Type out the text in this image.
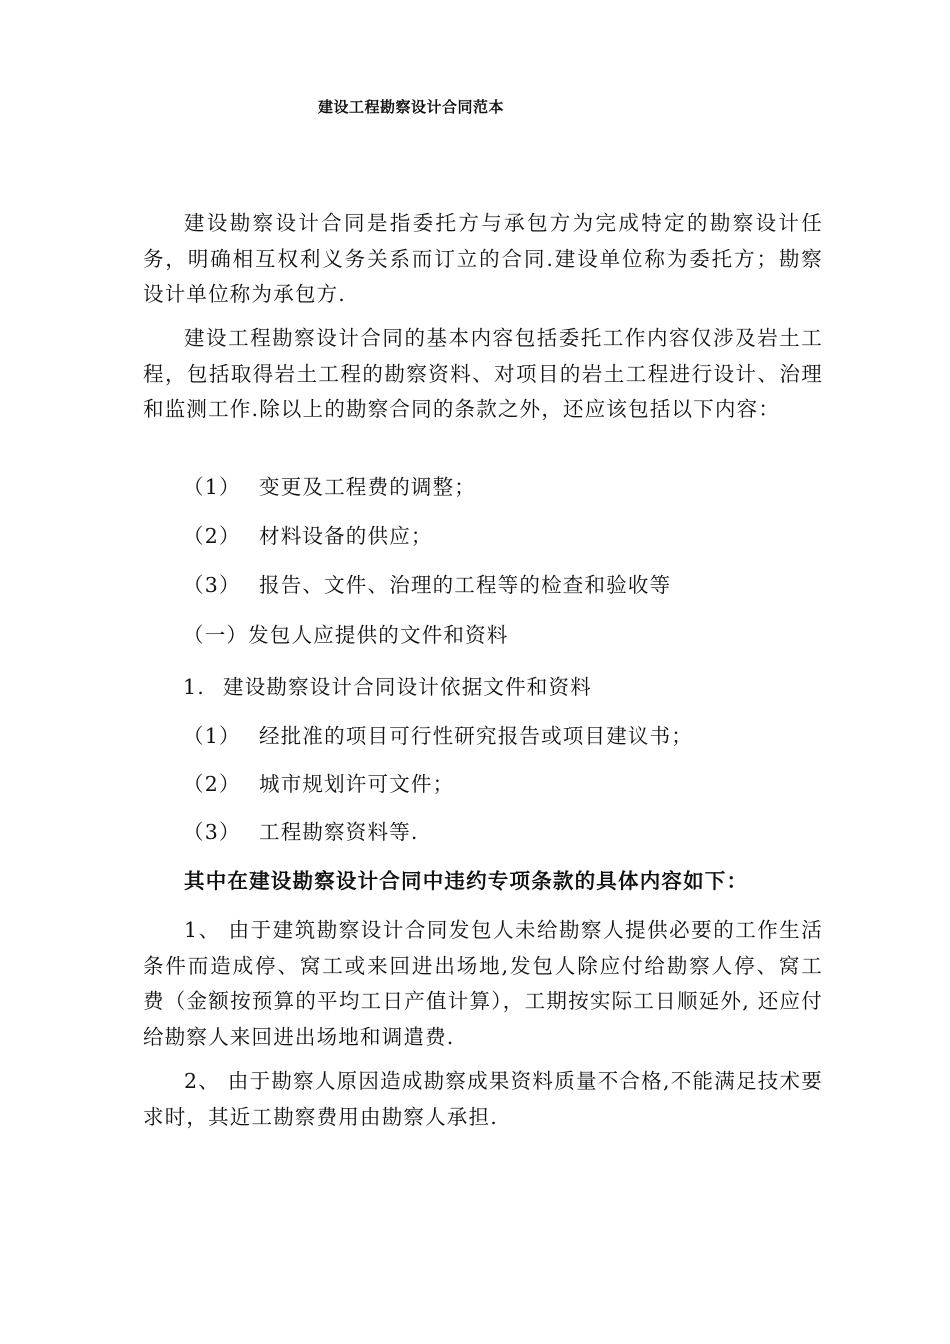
建设工程勘察设计合同范本

建设勘察设计合同是指委托方与承包方为完成特定的勘察设计任务，明确相互权利义务关系而订立的合同.建设单位称为委托方；勘察设计单位称为承包方.

建设工程勘察设计合同的基本内容包括委托工作内容仅涉及岩土工程，包括取得岩土工程的勘察资料、对项目的岩土工程进行设计、治理和监测工作.除以上的勘察合同的条款之外，还应该包括以下内容：

（1） 变更及工程费的调整；
（2） 材料设备的供应；
（3） 报告、文件、治理的工程等的检查和验收等
（一）发包人应提供的文件和资料
1. 建设勘察设计合同设计依据文件和资料
（1） 经批准的项目可行性研究报告或项目建议书；
（2） 城市规划许可文件；
（3） 工程勘察资料等.

其中在建设勘察设计合同中违约专项条款的具体内容如下：

1、 由于建筑勘察设计合同发包人未给勘察人提供必要的工作生活条件而造成停、窝工或来回进出场地,发包人除应付给勘察人停、窝工费（金额按预算的平均工日产值计算），工期按实际工日顺延外, 还应付给勘察人来回进出场地和调遣费.

2、 由于勘察人原因造成勘察成果资料质量不合格,不能满足技术要求时，其近工勘察费用由勘察人承担.
